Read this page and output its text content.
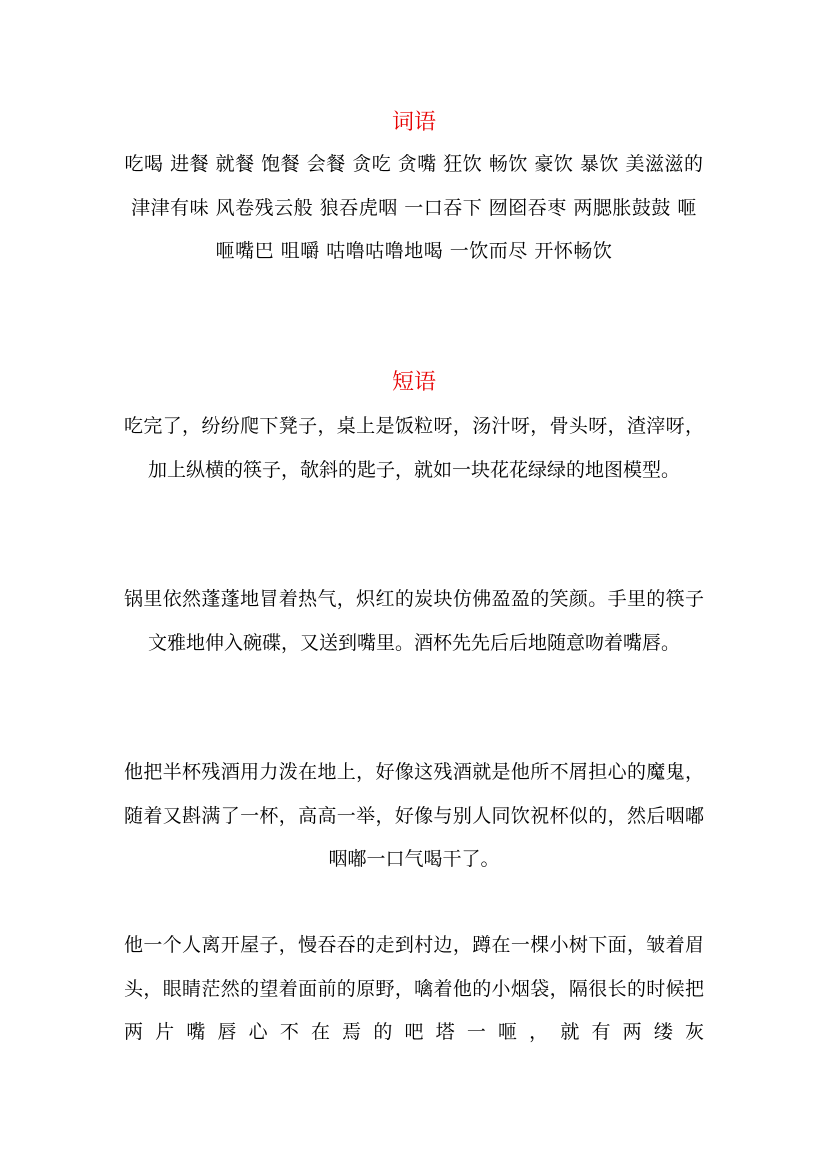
词语

吃喝 进餐 就餐 饱餐 会餐 贪吃 贪嘴 狂饮 畅饮 豪饮 暴饮 美滋滋的 津津有味 风卷残云般 狼吞虎咽 一口吞下 囫囵吞枣 两腮胀鼓鼓 咂咂嘴巴 咀嚼 咕噜咕噜地喝 一饮而尽 开怀畅饮

短语

吃完了，纷纷爬下凳子，桌上是饭粒呀，汤汁呀，骨头呀，渣滓呀，加上纵横的筷子，欹斜的匙子，就如一块花花绿绿的地图模型。

锅里依然蓬蓬地冒着热气，炽红的炭块仿佛盈盈的笑颜。手里的筷子文雅地伸入碗碟，又送到嘴里。酒杯先先后后地随意吻着嘴唇。

他把半杯残酒用力泼在地上，好像这残酒就是他所不屑担心的魔鬼，随着又斟满了一杯，高高一举，好像与别人同饮祝杯似的，然后咽嘟咽嘟一口气喝干了。

他一个人离开屋子，慢吞吞的走到村边，蹲在一棵小树下面，皱着眉头，眼睛茫然的望着面前的原野，噙着他的小烟袋，隔很长的时候把两片嘴唇心不在焉的吧塔一咂，就有两缕灰
